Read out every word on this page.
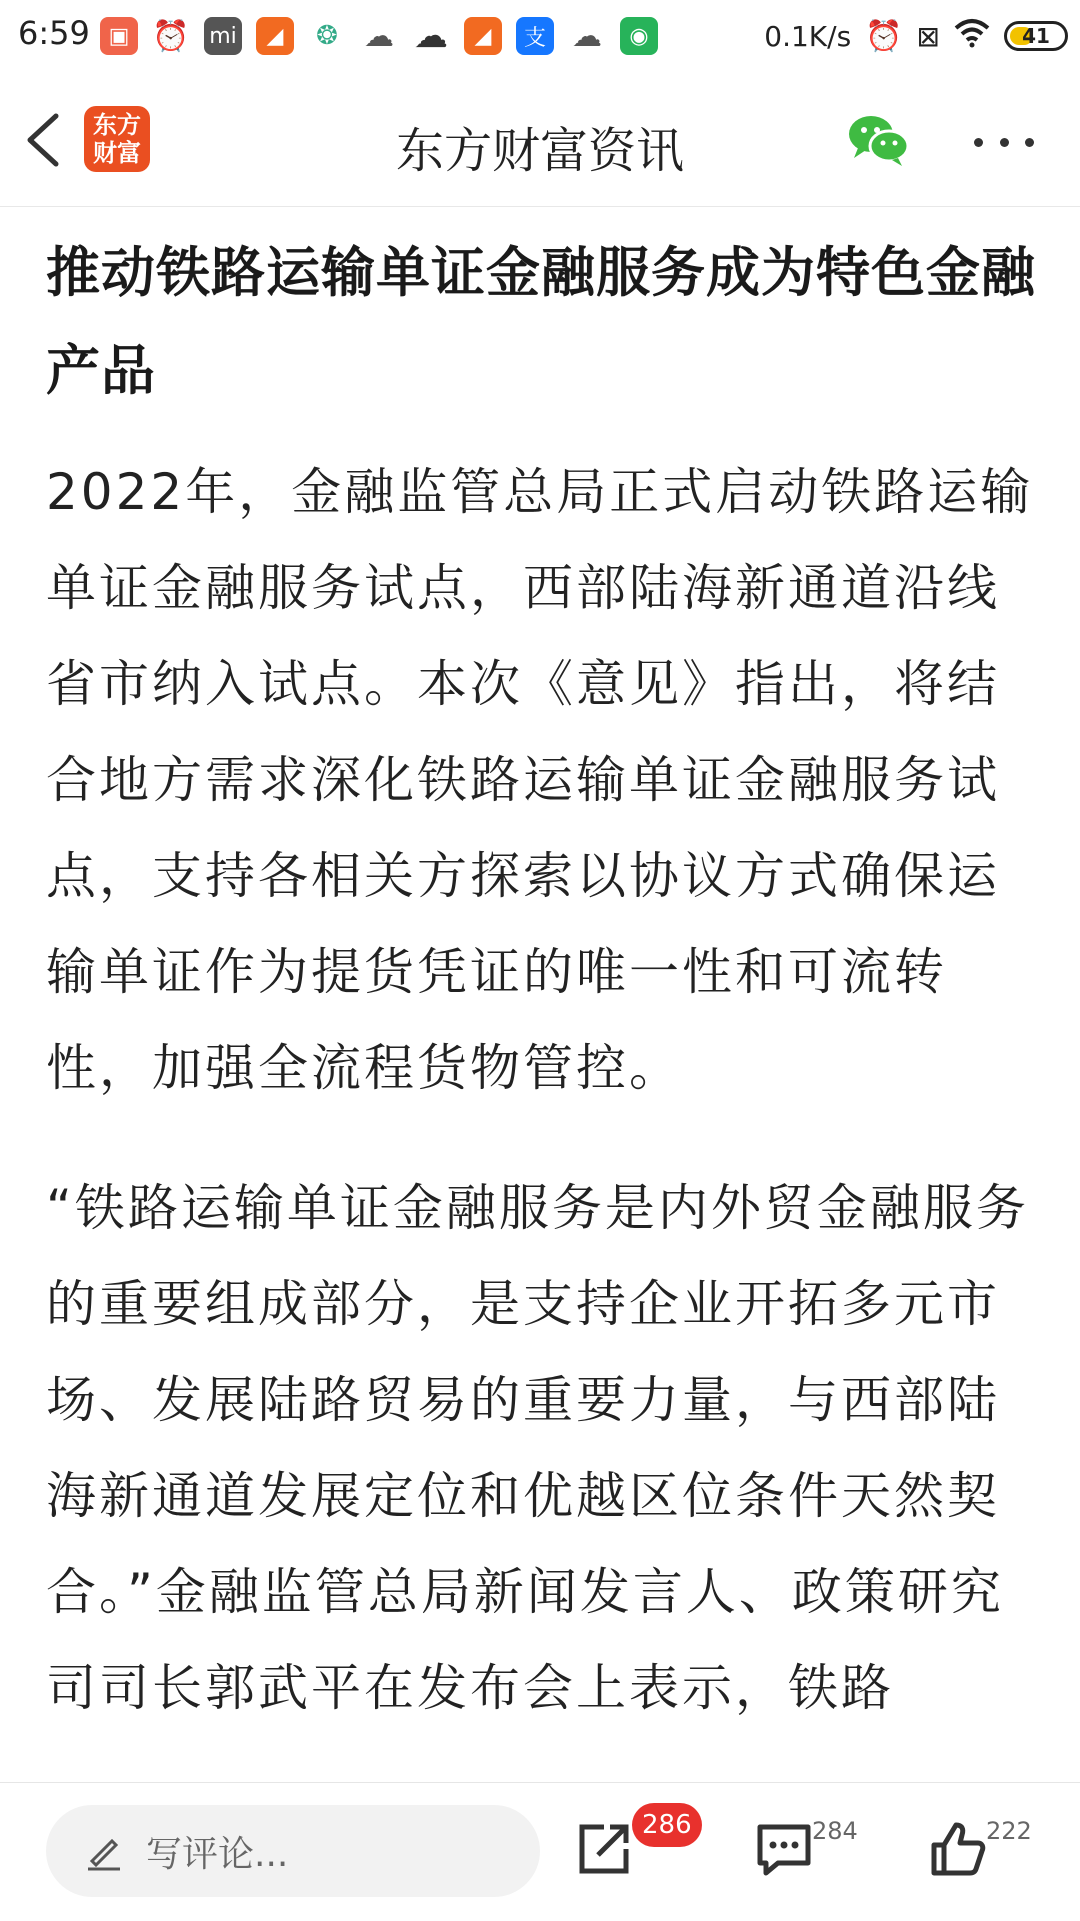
6:59 ▣ ⏰ mi	◢	❂ ☁ ☁	◢	支 ☁	◉	0.1K/s ⏰ ⊠	41
东方
财富	东方财富资讯
推动铁路运输单证金融服务成为特色金融产品

2022年，金融监管总局正式启动铁路运输单证金融服务试点，西部陆海新通道沿线省市纳入试点。本次《意见》指出，将结合地方需求深化铁路运输单证金融服务试点，支持各相关方探索以协议方式确保运输单证作为提货凭证的唯一性和可流转性，加强全流程货物管控。

“铁路运输单证金融服务是内外贸金融服务的重要组成部分，是支持企业开拓多元市场、发展陆路贸易的重要力量，与西部陆海新通道发展定位和优越区位条件天然契合。”金融监管总局新闻发言人、政策研究司司长郭武平在发布会上表示，铁路

写评论...
286	284	222
